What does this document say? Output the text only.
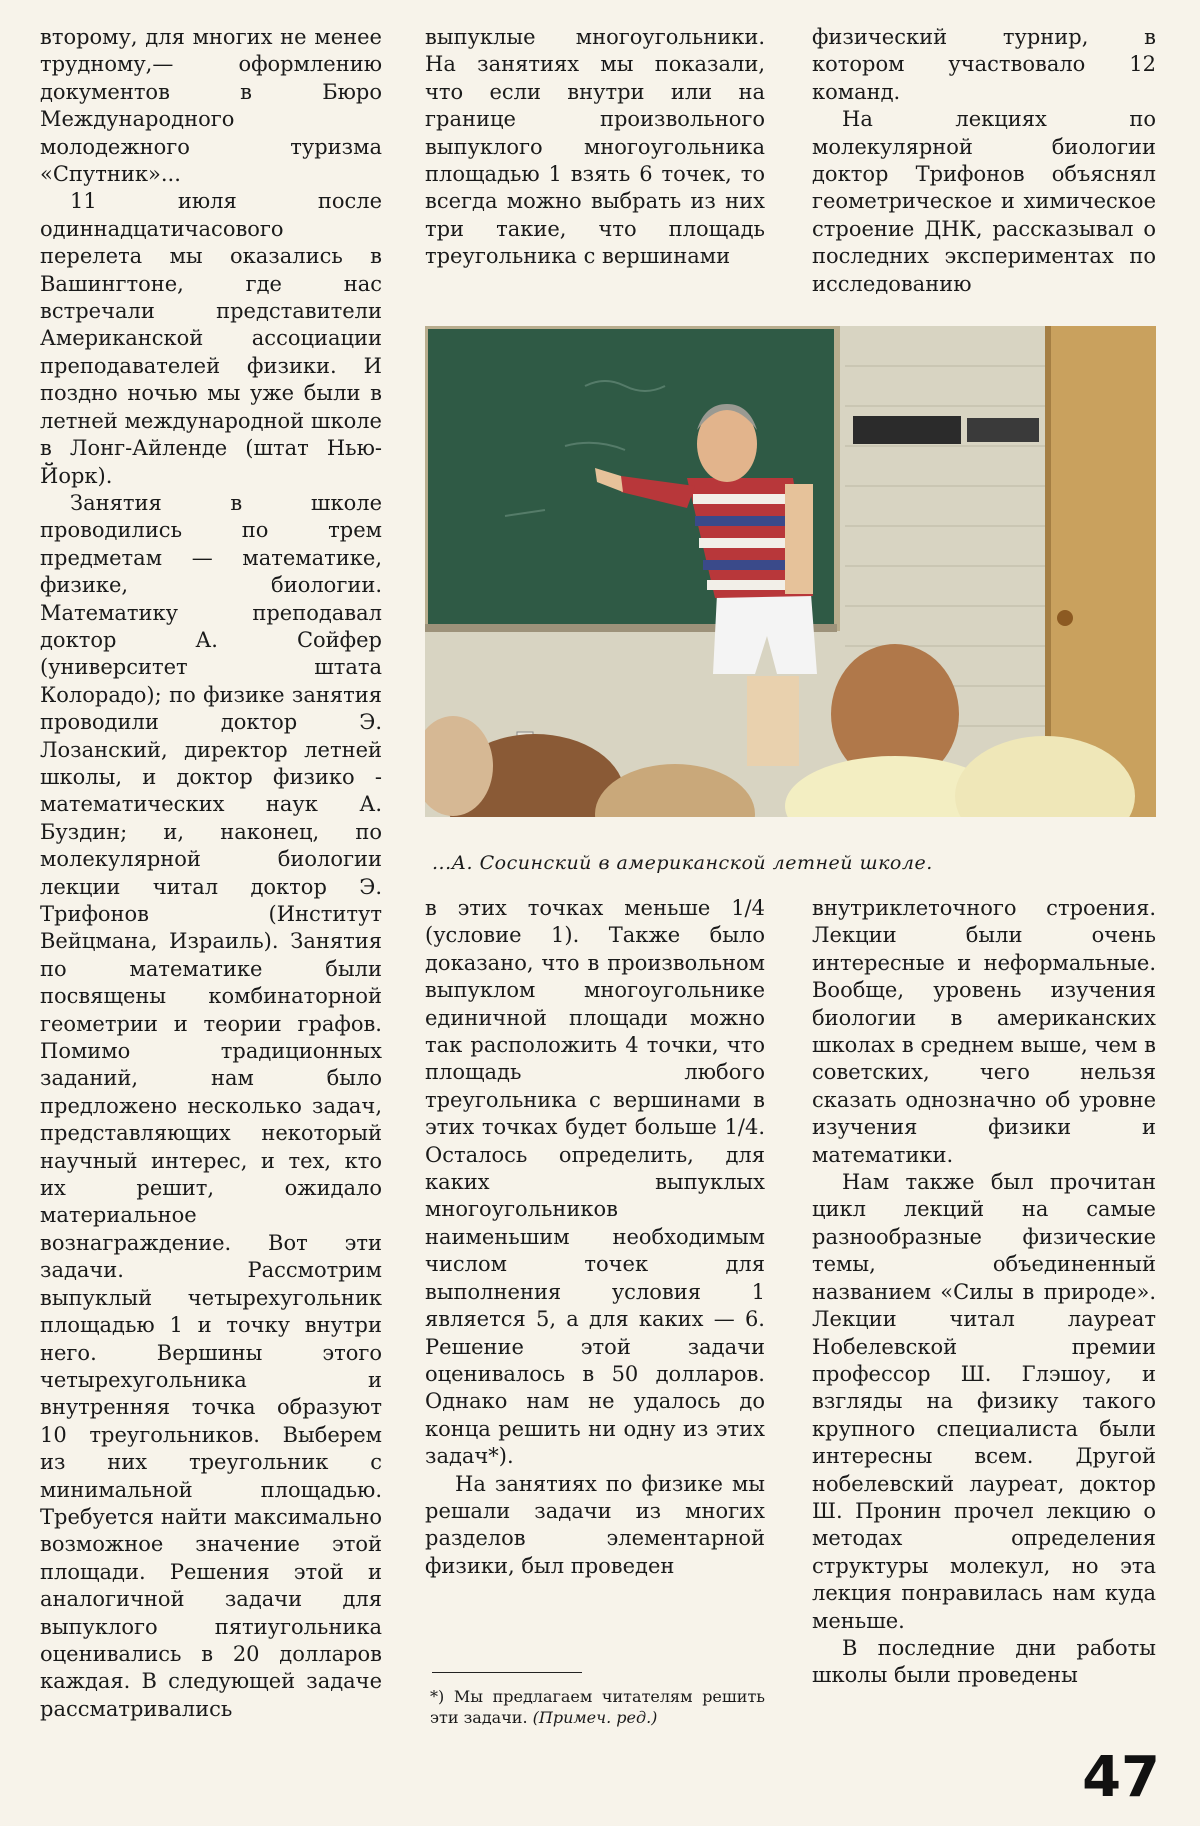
второму, для многих не менее трудному,— оформлению документов в Бюро Международного молодежного туризма «Спутник»...

11 июля после одиннадцатичасового перелета мы оказались в Вашингтоне, где нас встречали представители Американской ассоциации преподавателей физики. И поздно ночью мы уже были в летней международной школе в Лонг-Айленде (штат Нью-Йорк).

Занятия в школе проводились по трем предметам — математике, физике, биологии. Математику преподавал доктор А. Сойфер (университет штата Колорадо); по физике занятия проводили доктор Э. Лозанский, директор летней школы, и доктор физико - математических наук А. Буздин; и, наконец, по молекулярной биологии лекции читал доктор Э. Трифонов (Институт Вейцмана, Израиль). Занятия по математике были посвящены комбинаторной геометрии и теории графов. Помимо традиционных заданий, нам было предложено несколько задач, представляющих некоторый научный интерес, и тех, кто их решит, ожидало материальное вознаграждение. Вот эти задачи. Рассмотрим выпуклый четырехугольник площадью 1 и точку внутри него. Вершины этого четырехугольника и внутренняя точка образуют 10 треугольников. Выберем из них треугольник с минимальной площадью. Требуется найти максимально возможное значение этой площади. Решения этой и аналогичной задачи для выпуклого пятиугольника оценивались в 20 долларов каждая. В следующей задаче рассматривались

выпуклые многоугольники. На занятиях мы показали, что если внутри или на границе произвольного выпуклого многоугольника площадью 1 взять 6 точек, то всегда можно выбрать из них три такие, что площадь треугольника с вершинами

физический турнир, в котором участвовало 12 команд.

На лекциях по молекулярной биологии доктор Трифонов объяснял геометрическое и химическое строение ДНК, рассказывал о последних экспериментах по исследованию

...А. Сосинский в американской летней школе.

в этих точках меньше 1/4 (условие 1). Также было доказано, что в произвольном выпуклом многоугольнике единичной площади можно так расположить 4 точки, что площадь любого треугольника с вершинами в этих точках будет больше 1/4. Осталось определить, для каких выпуклых многоугольников наименьшим необходимым числом точек для выполнения условия 1 является 5, а для каких — 6. Решение этой задачи оценивалось в 50 долларов. Однако нам не удалось до конца решить ни одну из этих задач*).

На занятиях по физике мы решали задачи из многих разделов элементарной физики, был проведен

внутриклеточного строения. Лекции были очень интересные и неформальные. Вообще, уровень изучения биологии в американских школах в среднем выше, чем в советских, чего нельзя сказать однозначно об уровне изучения физики и математики.

Нам также был прочитан цикл лекций на самые разнообразные физические темы, объединенный названием «Силы в природе». Лекции читал лауреат Нобелевской премии профессор Ш. Глэшоу, и взгляды на физику такого крупного специалиста были интересны всем. Другой нобелевский лауреат, доктор Ш. Пронин прочел лекцию о методах определения структуры молекул, но эта лекция понравилась нам куда меньше.

В последние дни работы школы были проведены

*) Мы предлагаем читателям решить эти задачи. (Примеч. ред.)
47
